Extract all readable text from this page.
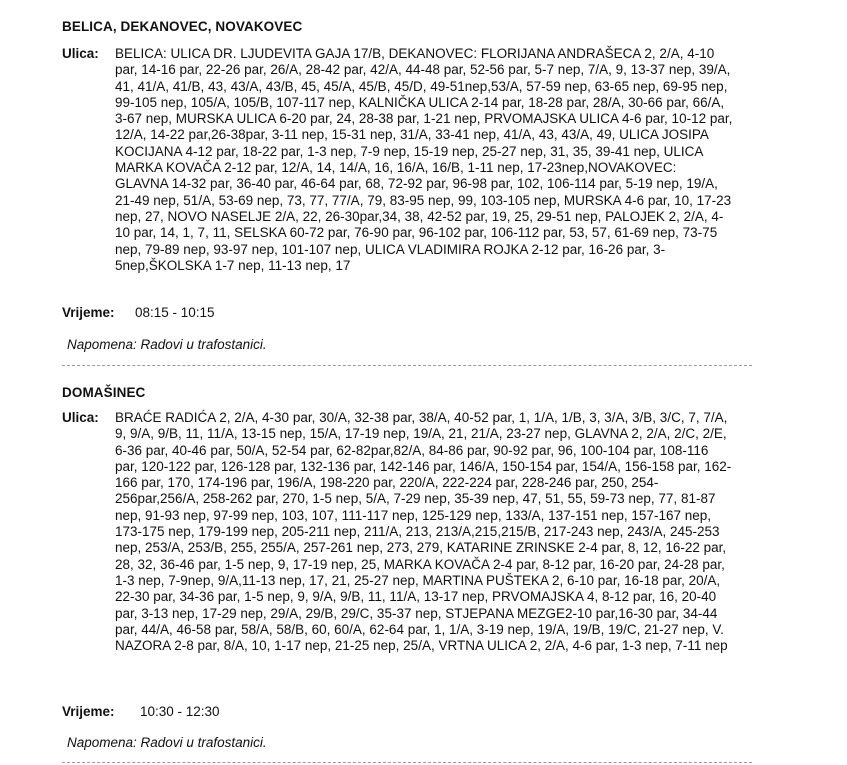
BELICA, DEKANOVEC, NOVAKOVEC
Ulica: BELICA: ULICA DR. LJUDEVITA GAJA 17/B, DEKANOVEC: FLORIJANA ANDRAŠECA 2, 2/A, 4-10 par, 14-16 par, 22-26 par, 26/A, 28-42 par, 42/A, 44-48 par, 52-56 par, 5-7 nep, 7/A, 9, 13-37 nep, 39/A, 41, 41/A, 41/B, 43, 43/A, 43/B, 45, 45/A, 45/B, 45/D, 49-51nep,53/A, 57-59 nep, 63-65 nep, 69-95 nep, 99-105 nep, 105/A, 105/B, 107-117 nep, KALNIČKA ULICA 2-14 par, 18-28 par, 28/A, 30-66 par, 66/A, 3-67 nep, MURSKA ULICA 6-20 par, 24, 28-38 par, 1-21 nep, PRVOMAJSKA ULICA 4-6 par, 10-12 par, 12/A, 14-22 par,26-38par, 3-11 nep, 15-31 nep, 31/A, 33-41 nep, 41/A, 43, 43/A, 49, ULICA JOSIPA KOCIJANA 4-12 par, 18-22 par, 1-3 nep, 7-9 nep, 15-19 nep, 25-27 nep, 31, 35, 39-41 nep, ULICA MARKA KOVAČA 2-12 par, 12/A, 14, 14/A, 16, 16/A, 16/B, 1-11 nep, 17-23nep,NOVAKOVEC: GLAVNA 14-32 par, 36-40 par, 46-64 par, 68, 72-92 par, 96-98 par, 102, 106-114 par, 5-19 nep, 19/A, 21-49 nep, 51/A, 53-69 nep, 73, 77, 77/A, 79, 83-95 nep, 99, 103-105 nep, MURSKA 4-6 par, 10, 17-23 nep, 27, NOVO NASELJE 2/A, 22, 26-30par,34, 38, 42-52 par, 19, 25, 29-51 nep, PALOJEK 2, 2/A, 4-10 par, 14, 1, 7, 11, SELSKA 60-72 par, 76-90 par, 96-102 par, 106-112 par, 53, 57, 61-69 nep, 73-75 nep, 79-89 nep, 93-97 nep, 101-107 nep, ULICA VLADIMIRA ROJKA 2-12 par, 16-26 par, 3-5nep,ŠKOLSKA 1-7 nep, 11-13 nep, 17
Vrijeme: 08:15 - 10:15
Napomena: Radovi u trafostanici.
DOMAŠINEC
Ulica: BRAĆE RADIĆA 2, 2/A, 4-30 par, 30/A, 32-38 par, 38/A, 40-52 par, 1, 1/A, 1/B, 3, 3/A, 3/B, 3/C, 7, 7/A, 9, 9/A, 9/B, 11, 11/A, 13-15 nep, 15/A, 17-19 nep, 19/A, 21, 21/A, 23-27 nep, GLAVNA 2, 2/A, 2/C, 2/E, 6-36 par, 40-46 par, 50/A, 52-54 par, 62-82par,82/A, 84-86 par, 90-92 par, 96, 100-104 par, 108-116 par, 120-122 par, 126-128 par, 132-136 par, 142-146 par, 146/A, 150-154 par, 154/A, 156-158 par, 162-166 par, 170, 174-196 par, 196/A, 198-220 par, 220/A, 222-224 par, 228-246 par, 250, 254-256par,256/A, 258-262 par, 270, 1-5 nep, 5/A, 7-29 nep, 35-39 nep, 47, 51, 55, 59-73 nep, 77, 81-87 nep, 91-93 nep, 97-99 nep, 103, 107, 111-117 nep, 125-129 nep, 133/A, 137-151 nep, 157-167 nep, 173-175 nep, 179-199 nep, 205-211 nep, 211/A, 213, 213/A,215,215/B, 217-243 nep, 243/A, 245-253 nep, 253/A, 253/B, 255, 255/A, 257-261 nep, 273, 279, KATARINE ZRINSKE 2-4 par, 8, 12, 16-22 par, 28, 32, 36-46 par, 1-5 nep, 9, 17-19 nep, 25, MARKA KOVAČA 2-4 par, 8-12 par, 16-20 par, 24-28 par, 1-3 nep, 7-9nep, 9/A,11-13 nep, 17, 21, 25-27 nep, MARTINA PUŠTEKA 2, 6-10 par, 16-18 par, 20/A, 22-30 par, 34-36 par, 1-5 nep, 9, 9/A, 9/B, 11, 11/A, 13-17 nep, PRVOMAJSKA 4, 8-12 par, 16, 20-40 par, 3-13 nep, 17-29 nep, 29/A, 29/B, 29/C, 35-37 nep, STJEPANA MEZGE2-10 par,16-30 par, 34-44 par, 44/A, 46-58 par, 58/A, 58/B, 60, 60/A, 62-64 par, 1, 1/A, 3-19 nep, 19/A, 19/B, 19/C, 21-27 nep, V. NAZORA 2-8 par, 8/A, 10, 1-17 nep, 21-25 nep, 25/A, VRTNA ULICA 2, 2/A, 4-6 par, 1-3 nep, 7-11 nep
Vrijeme: 10:30 - 12:30
Napomena: Radovi u trafostanici.
